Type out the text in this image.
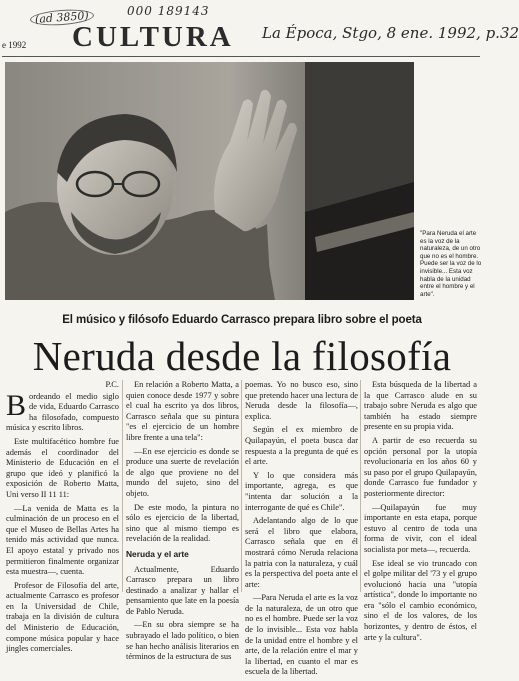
(ad 3850)	000 189143
La Época, Stgo, 8 ene. 1992, p.32
e 1992 CULTURA
"Para Neruda el arte es la voz de la naturaleza, de un otro que no es el hombre. Puede ser la voz de lo invisible... Esta voz habla de la unidad entre el hombre y el arte".
El músico y filósofo Eduardo Carrasco prepara libro sobre el poeta
Neruda desde la filosofía
P.C.

Bordeando el medio siglo de vida, Eduardo Carrasco ha filosofado, compuesto música y escrito libros.

Este multifacético hombre fue además el coordinador del Ministerio de Educación en el grupo que ideó y planificó la exposición de Roberto Matta, Uni verso II 11 11:

—La venida de Matta es la culminación de un proceso en el que el Museo de Bellas Artes ha tenido más actividad que nunca. El apoyo estatal y privado nos permitieron finalmente organizar esta muestra—, cuenta.

Profesor de Filosofía del arte, actualmente Carrasco es profesor en la Universidad de Chile, trabaja en la división de cultura del Ministerio de Educación, compone música popular y hace jingles comerciales.

En relación a Roberto Matta, a quien conoce desde 1977 y sobre el cual ha escrito ya dos libros, Carrasco señala que su pintura "es el ejercicio de un hombre libre frente a una tela":

—En ese ejercicio es donde se produce una suerte de revelación de algo que proviene no del mundo del sujeto, sino del objeto.

De este modo, la pintura no sólo es ejercicio de la libertad, sino que al mismo tiempo es revelación de la realidad.

Neruda y el arte

Actualmente, Eduardo Carrasco prepara un libro destinado a analizar y hallar el pensamiento que late en la poesía de Pablo Neruda.

—En su obra siempre se ha subrayado el lado político, o bien se han hecho análisis literarios en términos de la estructura de sus

poemas. Yo no busco eso, sino que pretendo hacer una lectura de Neruda desde la filosofía—, explica.

Según el ex miembro de Quilapayún, el poeta busca dar respuesta a la pregunta de qué es el arte.

Y lo que considera más importante, agrega, es que "intenta dar solución a la interrogante de qué es Chile".

Adelantando algo de lo que será el libro que elabora, Carrasco señala que en él mostrará cómo Neruda relaciona la patria con la naturaleza, y cuál es la perspectiva del poeta ante el arte:

—Para Neruda el arte es la voz de la naturaleza, de un otro que no es el hombre. Puede ser la voz de lo invisible... Esta voz habla de la unidad entre el hombre y el arte, de la relación entre el mar y la libertad, en cuanto el mar es escuela de la libertad.

Esta búsqueda de la libertad a la que Carrasco alude en su trabajo sobre Neruda es algo que también ha estado siempre presente en su propia vida.

A partir de eso recuerda su opción personal por la utopía revolucionaria en los años 60 y su paso por el grupo Quilapayún, donde Carrasco fue fundador y posteriormente director:

—Quilapayún fue muy importante en esta etapa, porque estuvo al centro de toda una forma de vivir, con el ideal socialista por meta—, recuerda.

Ese ideal se vio truncado con el golpe militar del '73 y el grupo evolucionó hacia una "utopía artística", donde lo importante no era "sólo el cambio económico, sino el de los valores, de los horizontes, y dentro de éstos, el arte y la cultura".
